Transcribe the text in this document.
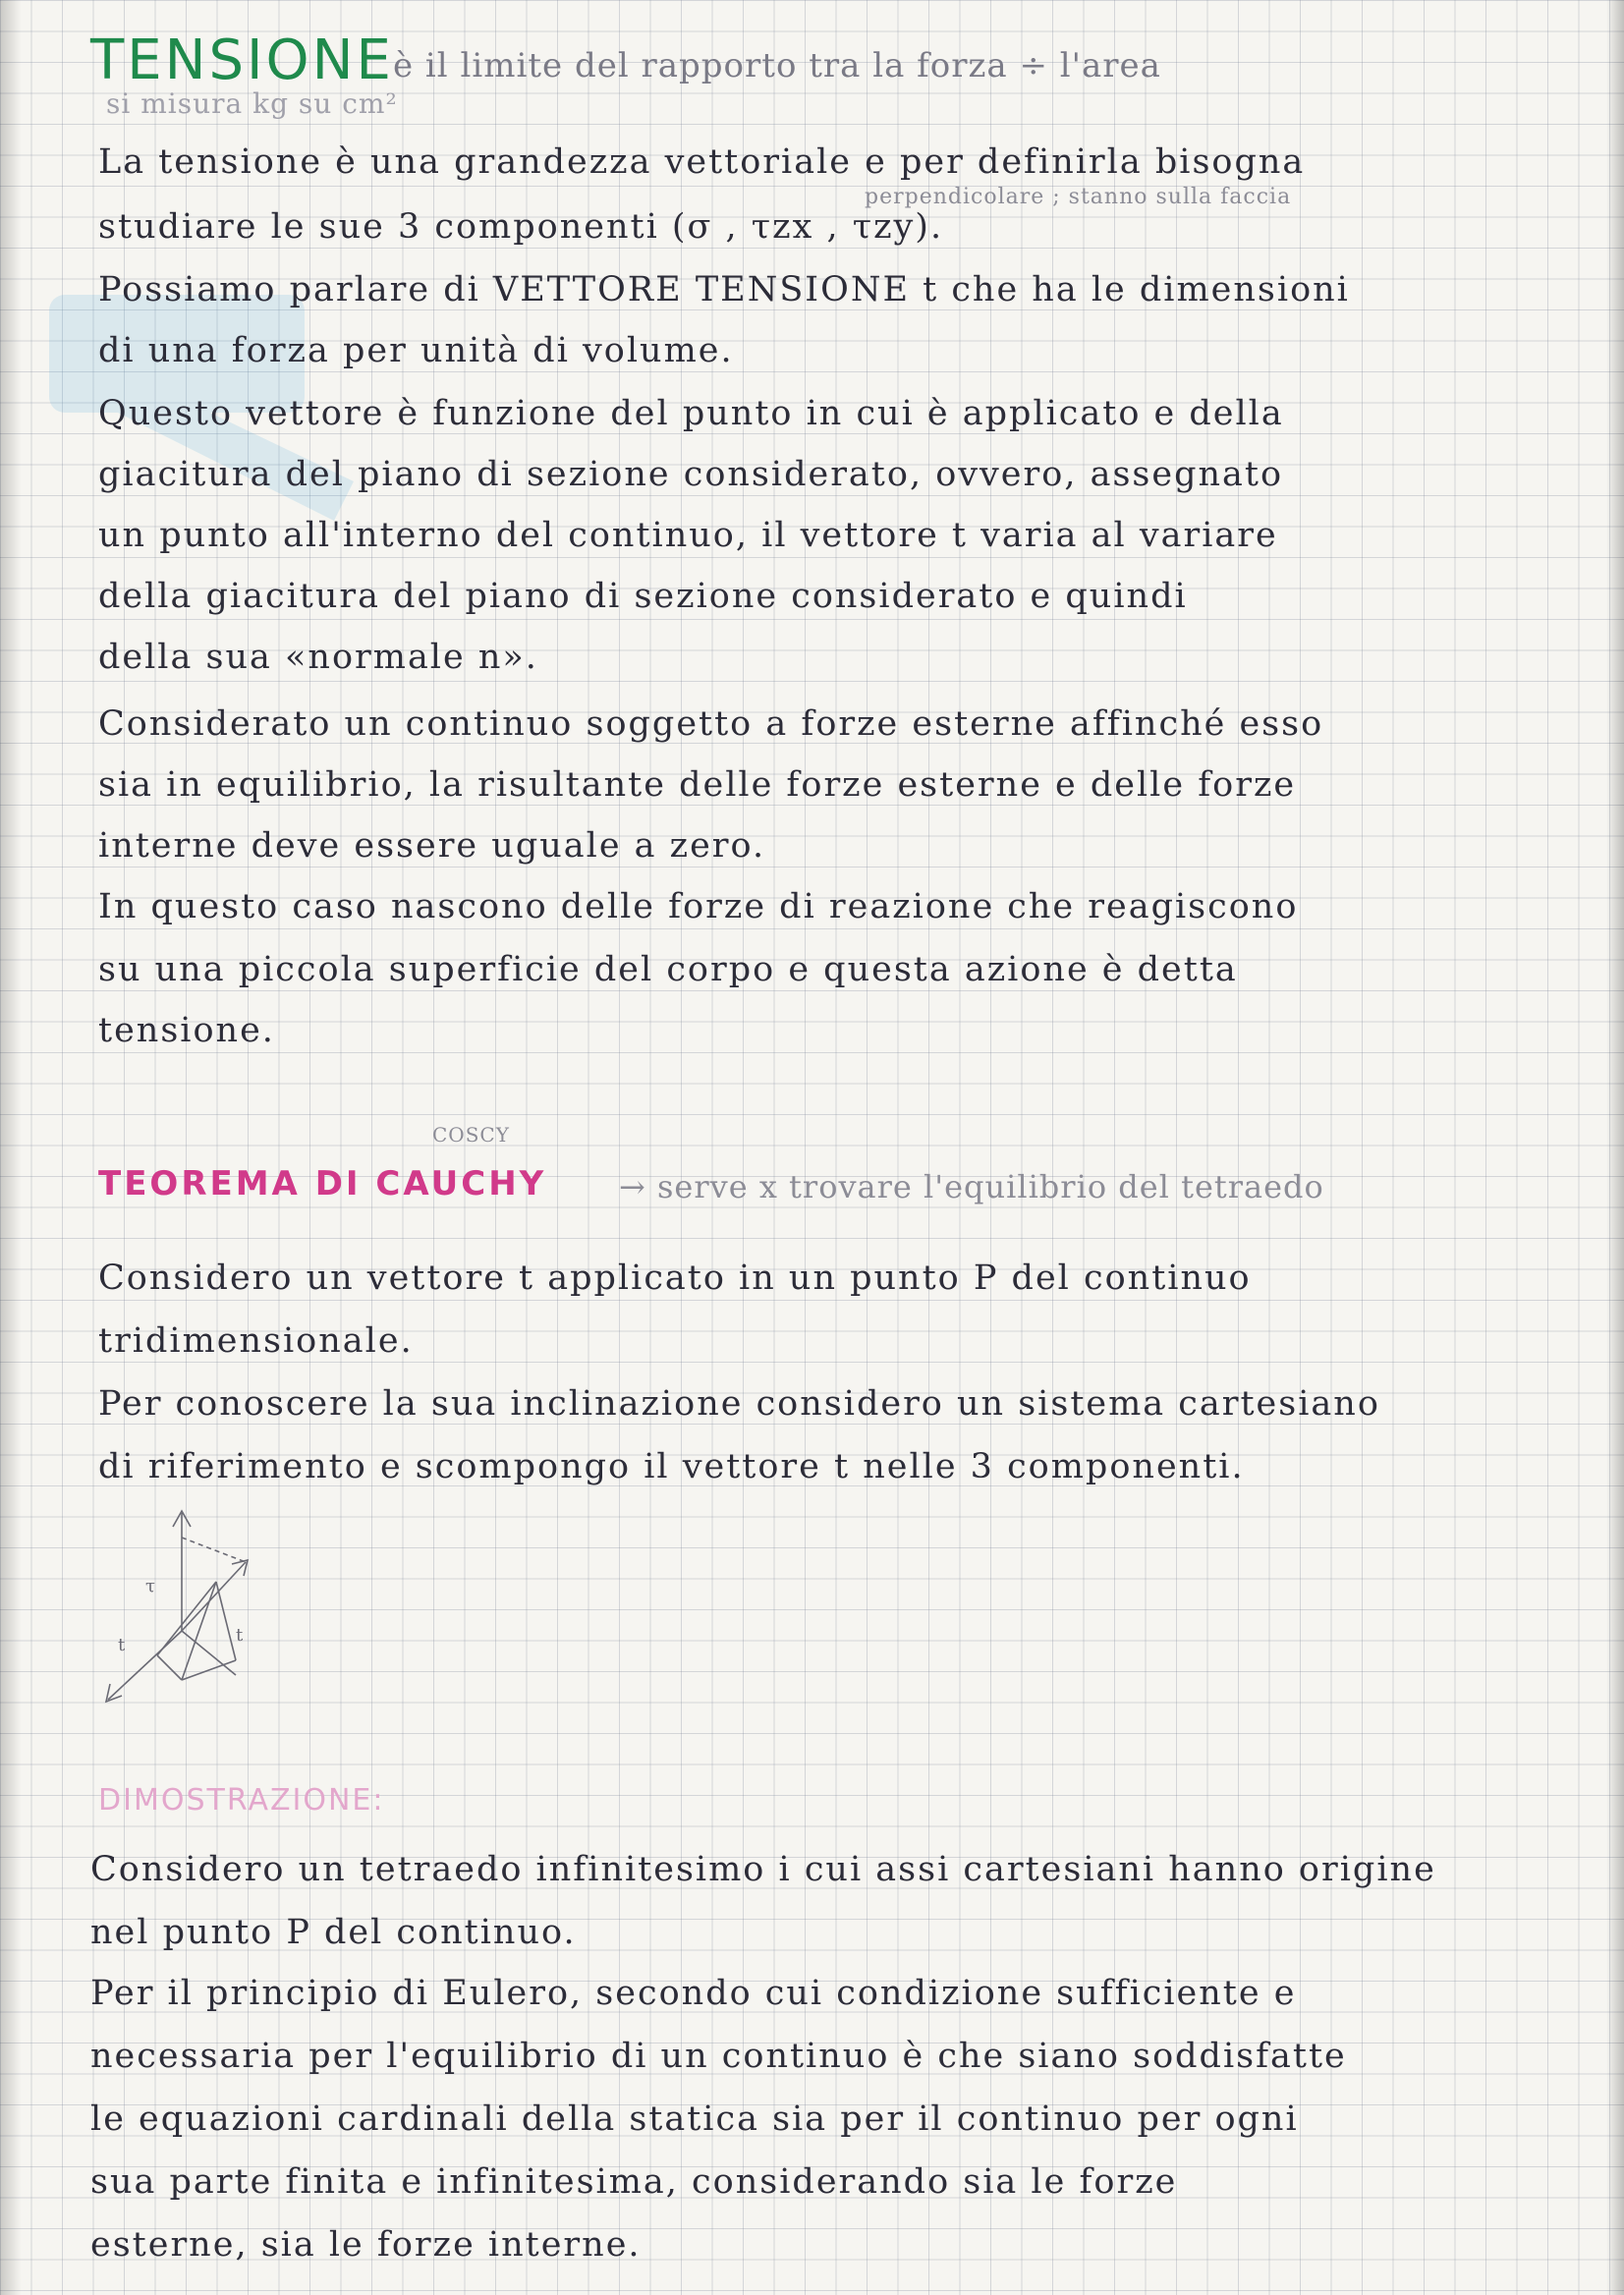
TENSIONE è il limite del rapporto tra la forza ÷ l'area
si misura kg su cm²
La tensione è una grandezza vettoriale e per definirla bisogna
perpendicolare ; stanno sulla faccia
studiare le sue 3 componenti (σ , τzx , τzy).
Possiamo parlare di VETTORE TENSIONE t che ha le dimensioni
di una forza per unità di volume.
Questo vettore è funzione del punto in cui è applicato e della
giacitura del piano di sezione considerato, ovvero, assegnato
un punto all'interno del continuo, il vettore t varia al variare
della giacitura del piano di sezione considerato e quindi
della sua «normale n».
Considerato un continuo soggetto a forze esterne affinché esso
sia in equilibrio, la risultante delle forze esterne e delle forze
interne deve essere uguale a zero.
In questo caso nascono delle forze di reazione che reagiscono
su una piccola superficie del corpo e questa azione è detta
tensione.
COSCY
TEOREMA DI CAUCHY → serve x trovare l'equilibrio del tetraedo
Considero un vettore t applicato in un punto P del continuo
tridimensionale.
Per conoscere la sua inclinazione considero un sistema cartesiano
di riferimento e scompongo il vettore t nelle 3 componenti.
τ
t	t
DIMOSTRAZIONE:
Considero un tetraedo infinitesimo i cui assi cartesiani hanno origine
nel punto P del continuo.
Per il principio di Eulero, secondo cui condizione sufficiente e
necessaria per l'equilibrio di un continuo è che siano soddisfatte
le equazioni cardinali della statica sia per il continuo per ogni
sua parte finita e infinitesima, considerando sia le forze
esterne, sia le forze interne.
